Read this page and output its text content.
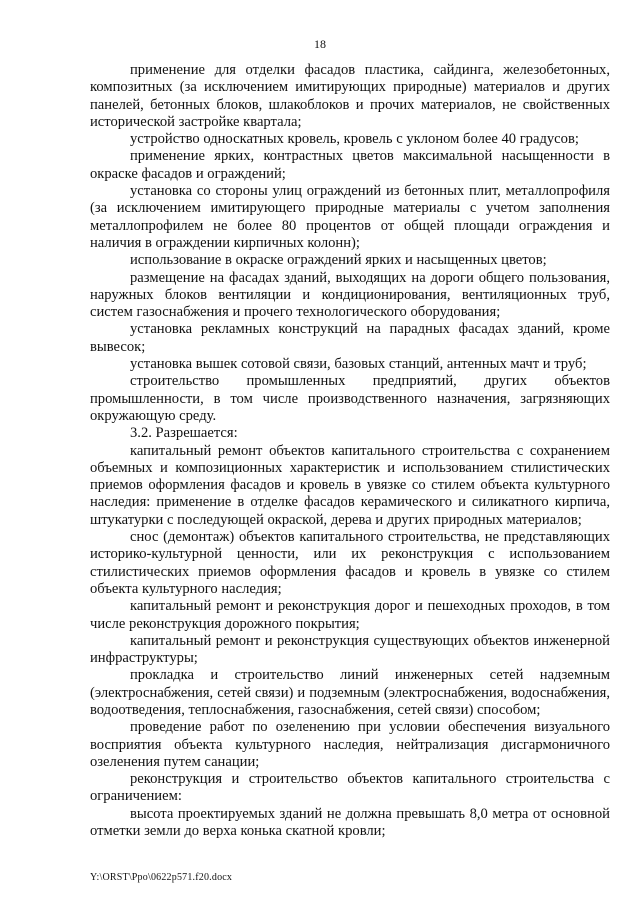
18

применение для отделки фасадов пластика, сайдинга, железобетонных, композитных (за исключением имитирующих природные) материалов и других панелей, бетонных блоков, шлакоблоков и прочих материалов, не свойственных исторической застройке квартала;

устройство односкатных кровель, кровель с уклоном более 40 градусов;

применение ярких, контрастных цветов максимальной насыщенности в окраске фасадов и ограждений;

установка со стороны улиц ограждений из бетонных плит, металлопрофиля (за исключением имитирующего природные материалы с учетом заполнения металлопрофилем не более 80 процентов от общей площади ограждения и наличия в ограждении кирпичных колонн);

использование в окраске ограждений ярких и насыщенных цветов;

размещение на фасадах зданий, выходящих на дороги общего пользования, наружных блоков вентиляции и кондиционирования, вентиляционных труб, систем газоснабжения и прочего технологического оборудования;

установка рекламных конструкций на парадных фасадах зданий, кроме вывесок;

установка вышек сотовой связи, базовых станций, антенных мачт и труб;

строительство промышленных предприятий, других объектов промышленности, в том числе производственного назначения, загрязняющих окружающую среду.

3.2. Разрешается:

капитальный ремонт объектов капитального строительства с сохранением объемных и композиционных характеристик и использованием стилистических приемов оформления фасадов и кровель в увязке со стилем объекта культурного наследия: применение в отделке фасадов керамического и силикатного кирпича, штукатурки с последующей окраской, дерева и других природных материалов;

снос (демонтаж) объектов капитального строительства, не представляющих историко-культурной ценности, или их реконструкция с использованием стилистических приемов оформления фасадов и кровель в увязке со стилем объекта культурного наследия;

капитальный ремонт и реконструкция дорог и пешеходных проходов, в том числе реконструкция дорожного покрытия;

капитальный ремонт и реконструкция существующих объектов инженерной инфраструктуры;

прокладка и строительство линий инженерных сетей надземным (электроснабжения, сетей связи) и подземным (электроснабжения, водоснабжения, водоотведения, теплоснабжения, газоснабжения, сетей связи) способом;

проведение работ по озеленению при условии обеспечения визуального восприятия объекта культурного наследия, нейтрализация дисгармоничного озеленения путем санации;

реконструкция и строительство объектов капитального строительства с ограничением:

высота проектируемых зданий не должна превышать 8,0 метра от основной отметки земли до верха конька скатной кровли;

Y:\ORST\Ppo\0622p571.f20.docx
